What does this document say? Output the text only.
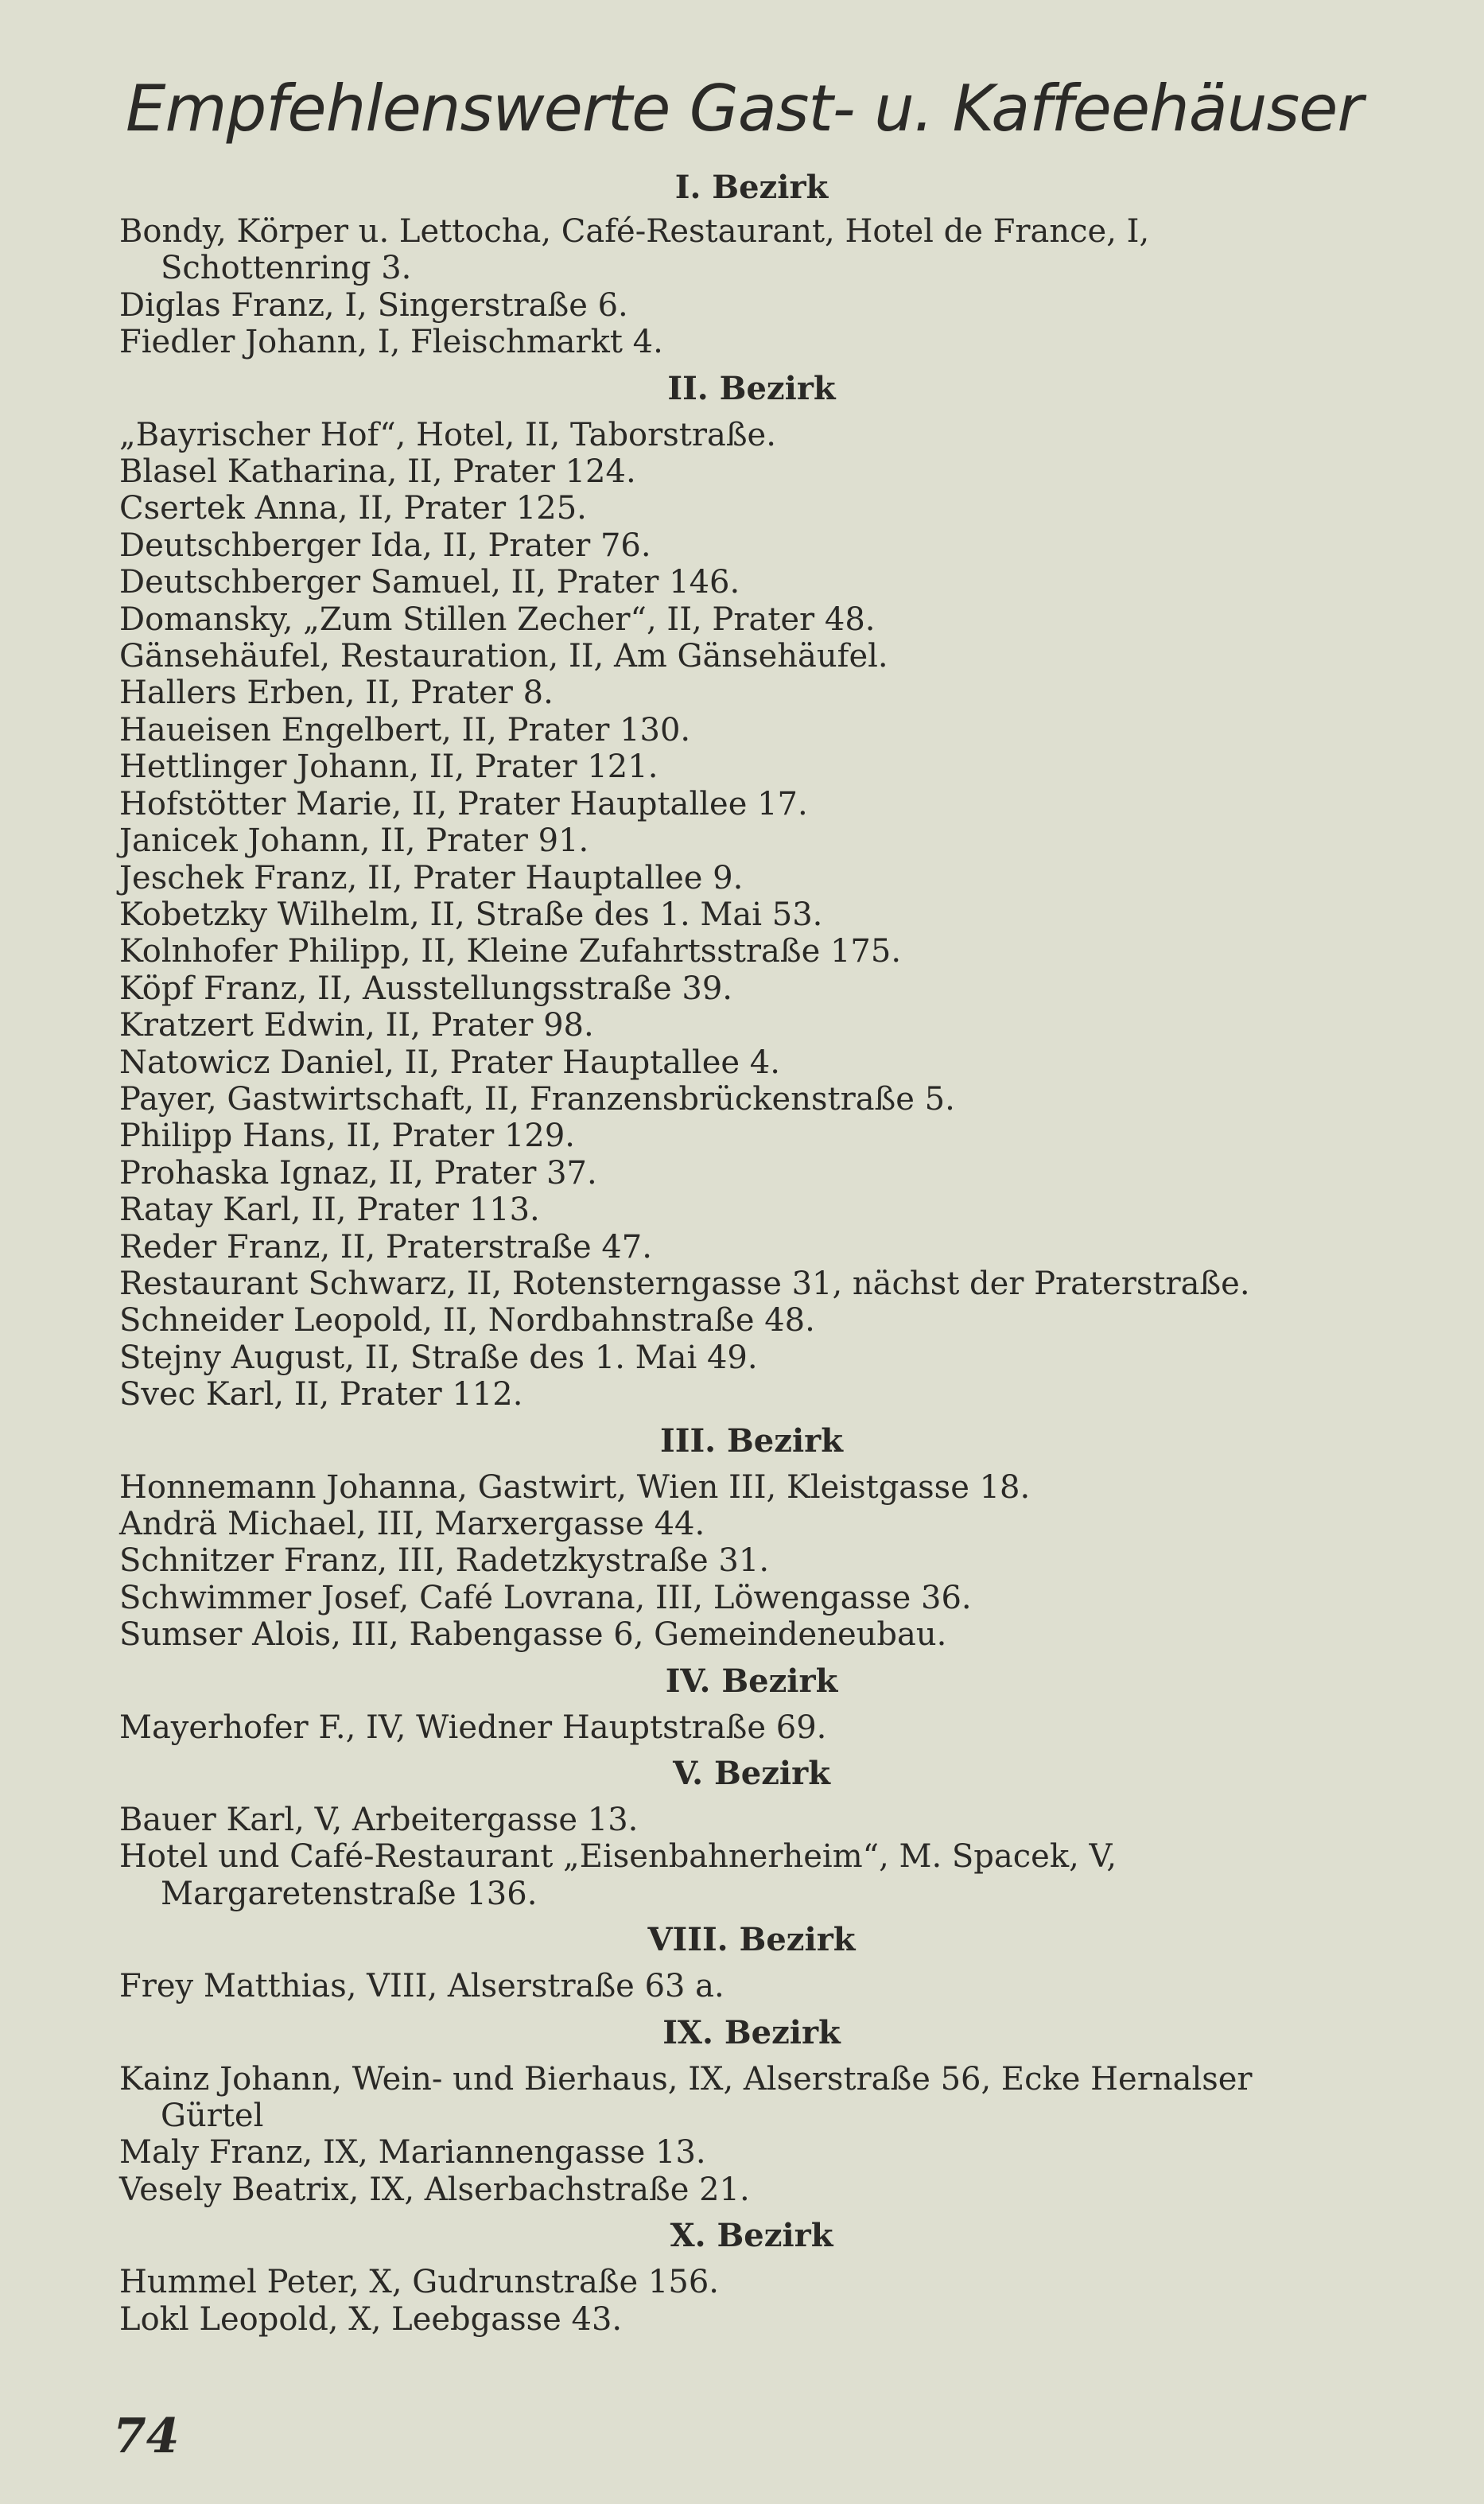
Empfehlenswerte Gast- u. Kaffeehäuser
I. Bezirk
Bondy, Körper u. Lettocha, Café-Restaurant, Hotel de France, I, Schottenring 3.
Diglas Franz, I, Singerstraße 6.
Fiedler Johann, I, Fleischmarkt 4.
II. Bezirk
„Bayrischer Hof“, Hotel, II, Taborstraße.
Blasel Katharina, II, Prater 124.
Csertek Anna, II, Prater 125.
Deutschberger Ida, II, Prater 76.
Deutschberger Samuel, II, Prater 146.
Domansky, „Zum Stillen Zecher“, II, Prater 48.
Gänsehäufel, Restauration, II, Am Gänsehäufel.
Hallers Erben, II, Prater 8.
Haueisen Engelbert, II, Prater 130.
Hettlinger Johann, II, Prater 121.
Hofstötter Marie, II, Prater Hauptallee 17.
Janicek Johann, II, Prater 91.
Jeschek Franz, II, Prater Hauptallee 9.
Kobetzky Wilhelm, II, Straße des 1. Mai 53.
Kolnhofer Philipp, II, Kleine Zufahrtsstraße 175.
Köpf Franz, II, Ausstellungsstraße 39.
Kratzert Edwin, II, Prater 98.
Natowicz Daniel, II, Prater Hauptallee 4.
Payer, Gastwirtschaft, II, Franzensbrückenstraße 5.
Philipp Hans, II, Prater 129.
Prohaska Ignaz, II, Prater 37.
Ratay Karl, II, Prater 113.
Reder Franz, II, Praterstraße 47.
Restaurant Schwarz, II, Rotensterngasse 31, nächst der Praterstraße.
Schneider Leopold, II, Nordbahnstraße 48.
Stejny August, II, Straße des 1. Mai 49.
Svec Karl, II, Prater 112.
III. Bezirk
Honnemann Johanna, Gastwirt, Wien III, Kleistgasse 18.
Andrä Michael, III, Marxergasse 44.
Schnitzer Franz, III, Radetzkystraße 31.
Schwimmer Josef, Café Lovrana, III, Löwengasse 36.
Sumser Alois, III, Rabengasse 6, Gemeindeneubau.
IV. Bezirk
Mayerhofer F., IV, Wiedner Hauptstraße 69.
V. Bezirk
Bauer Karl, V, Arbeitergasse 13.
Hotel und Café-Restaurant „Eisenbahnerheim“, M. Spacek, V, Margaretenstraße 136.
VIII. Bezirk
Frey Matthias, VIII, Alserstraße 63 a.
IX. Bezirk
Kainz Johann, Wein- und Bierhaus, IX, Alserstraße 56, Ecke Hernalser Gürtel
Maly Franz, IX, Mariannengasse 13.
Vesely Beatrix, IX, Alserbachstraße 21.
X. Bezirk
Hummel Peter, X, Gudrunstraße 156.
Lokl Leopold, X, Leebgasse 43.
74
